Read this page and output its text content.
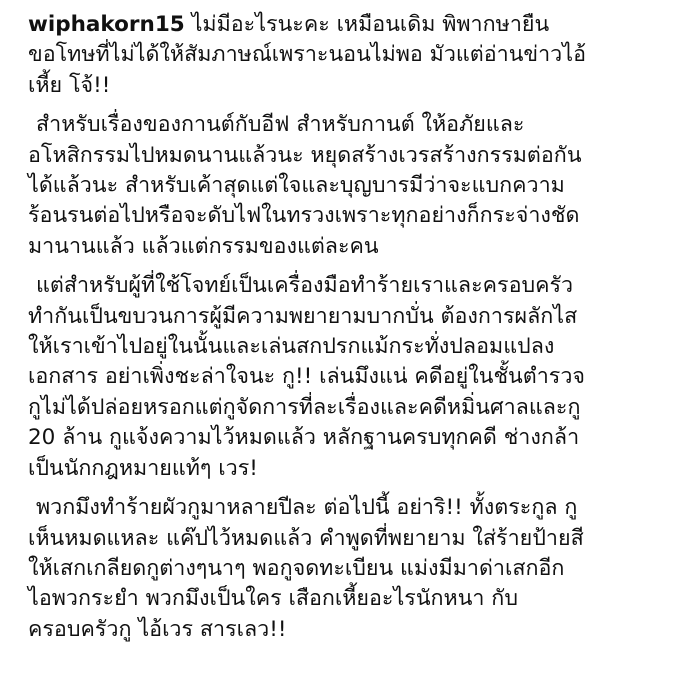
wiphakorn15 ไม่มีอะไรนะคะ เหมือนเดิม พิพากษายืน
ขอโทษที่ไม่ได้ให้สัมภาษณ์เพราะนอนไม่พอ มัวแต่อ่านข่าวไอ้
เหี้ย โจ้!!
สำหรับเรื่องของกานต์กับอีฟ สำหรับกานต์ ให้อภัยและ
อโหสิกรรมไปหมดนานแล้วนะ หยุดสร้างเวรสร้างกรรมต่อกัน
ได้แล้วนะ สำหรับเค้าสุดแต่ใจและบุญบารมีว่าจะแบกความ
ร้อนรนต่อไปหรือจะดับไฟในทรวงเพราะทุกอย่างก็กระจ่างชัด
มานานแล้ว แล้วแต่กรรมของแต่ละคน
แต่สำหรับผู้ที่ใช้โจทย์เป็นเครื่องมือทำร้ายเราและครอบครัว
ทำกันเป็นขบวนการผู้มีความพยายามบากบั่น ต้องการผลักไส
ให้เราเข้าไปอยู่ในนั้นและเล่นสกปรกแม้กระทั่งปลอมแปลง
เอกสาร อย่าเพิ่งชะล่าใจนะ กู!! เล่นมึงแน่ คดีอยู่ในชั้นตำรวจ
กูไม่ได้ปล่อยหรอกแต่กูจัดการที่ละเรื่องและคดีหมิ่นศาลและกู
20 ล้าน กูแจ้งความไว้หมดแล้ว หลักฐานครบทุกคดี ช่างกล้า
เป็นนักกฎหมายแท้ๆ เวร!
พวกมึงทำร้ายผัวกูมาหลายปีละ ต่อไปนี้ อย่าริ!! ทั้งตระกูล กู
เห็นหมดแหละ แค๊ปไว้หมดแล้ว คำพูดที่พยายาม ใส่ร้ายป้ายสี
ให้เสกเกลียดกูต่างๆนาๆ พอกูจดทะเบียน แม่งมีมาด่าเสกอีก
ไอพวกระยำ พวกมึงเป็นใคร เสือกเหี้ยอะไรนักหนา กับ
ครอบครัวกู ไอ้เวร สารเลว!!
